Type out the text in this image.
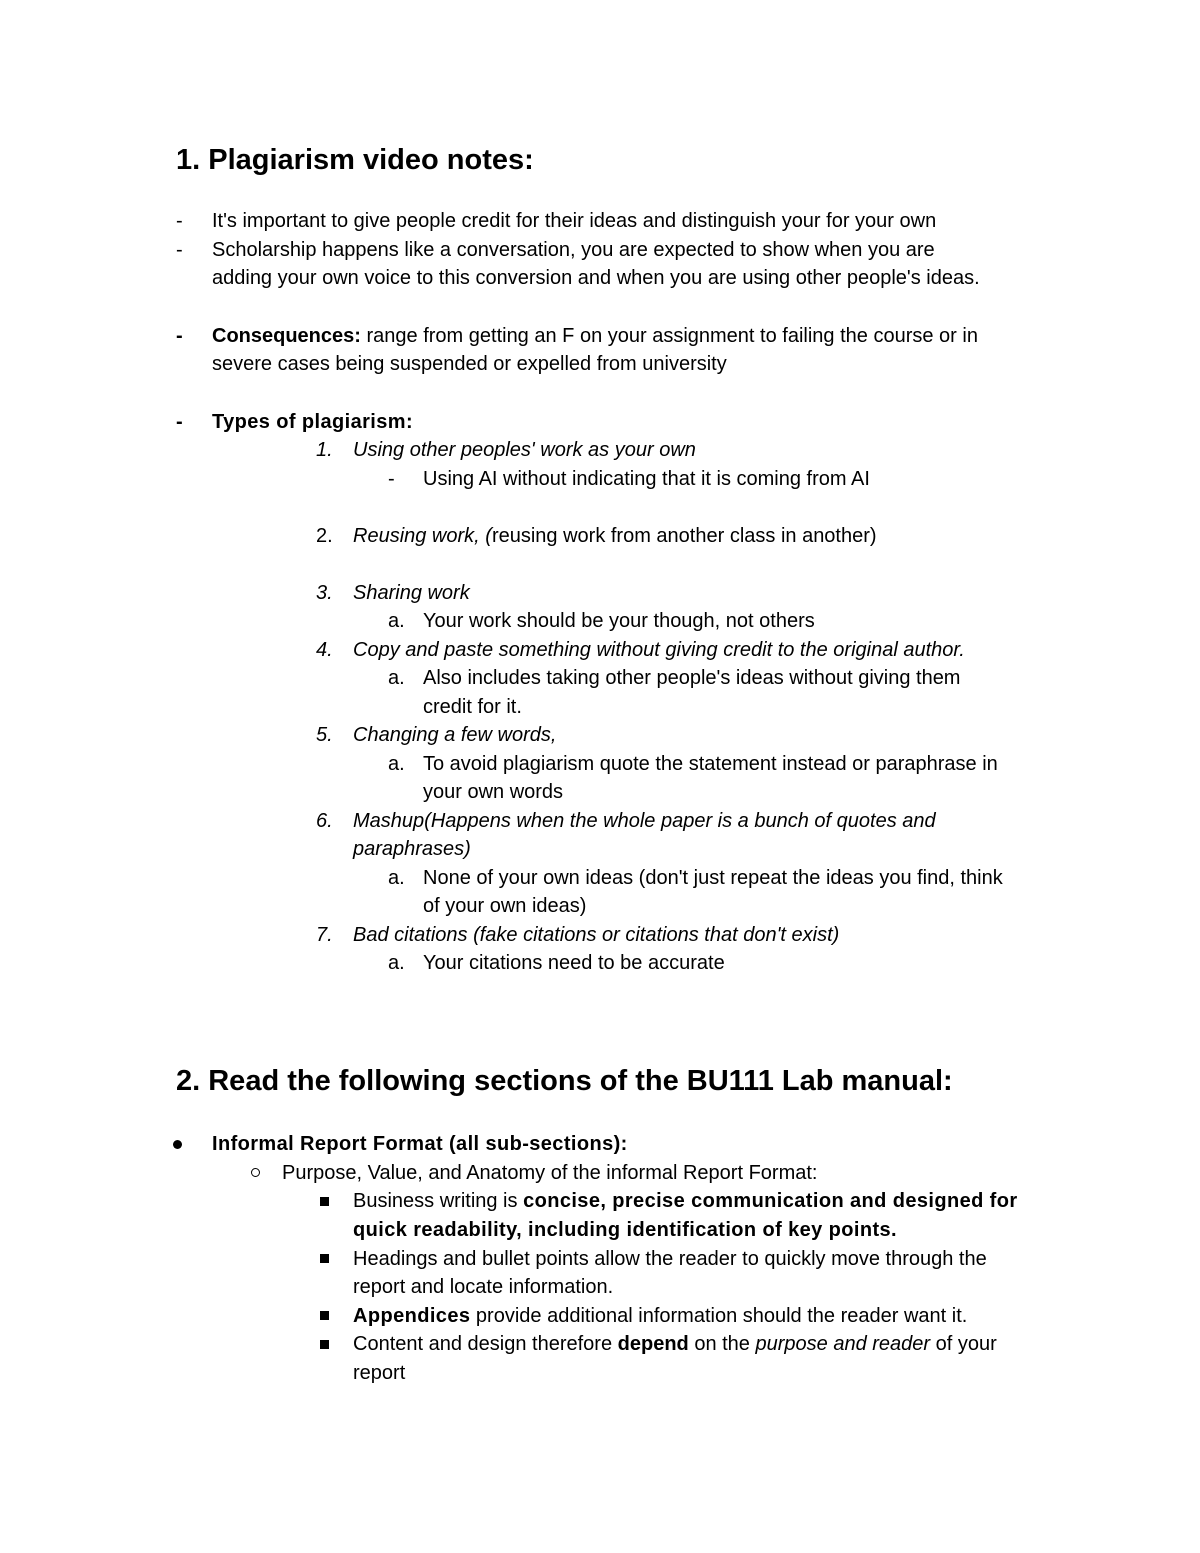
1. Plagiarism video notes:
- It's important to give people credit for their ideas and distinguish your for your own
- Scholarship happens like a conversation, you are expected to show when you are
adding your own voice to this conversion and when you are using other people's ideas.
- Consequences: range from getting an F on your assignment to failing the course or in
severe cases being suspended or expelled from university
- Types of plagiarism:
1. Using other peoples' work as your own
- Using AI without indicating that it is coming from AI
2. Reusing work, (reusing work from another class in another)
3. Sharing work
a. Your work should be your though, not others
4. Copy and paste something without giving credit to the original author.
a. Also includes taking other people's ideas without giving them
credit for it.
5. Changing a few words,
a. To avoid plagiarism quote the statement instead or paraphrase in
your own words
6. Mashup(Happens when the whole paper is a bunch of quotes and
paraphrases)
a. None of your own ideas (don't just repeat the ideas you find, think
of your own ideas)
7. Bad citations (fake citations or citations that don't exist)
a. Your citations need to be accurate
2. Read the following sections of the BU111 Lab manual:
Informal Report Format (all sub-sections):
Purpose, Value, and Anatomy of the informal Report Format:
Business writing is concise, precise communication and designed for
quick readability, including identification of key points.
Headings and bullet points allow the reader to quickly move through the
report and locate information.
Appendices provide additional information should the reader want it.
Content and design therefore depend on the purpose and reader of your
report
